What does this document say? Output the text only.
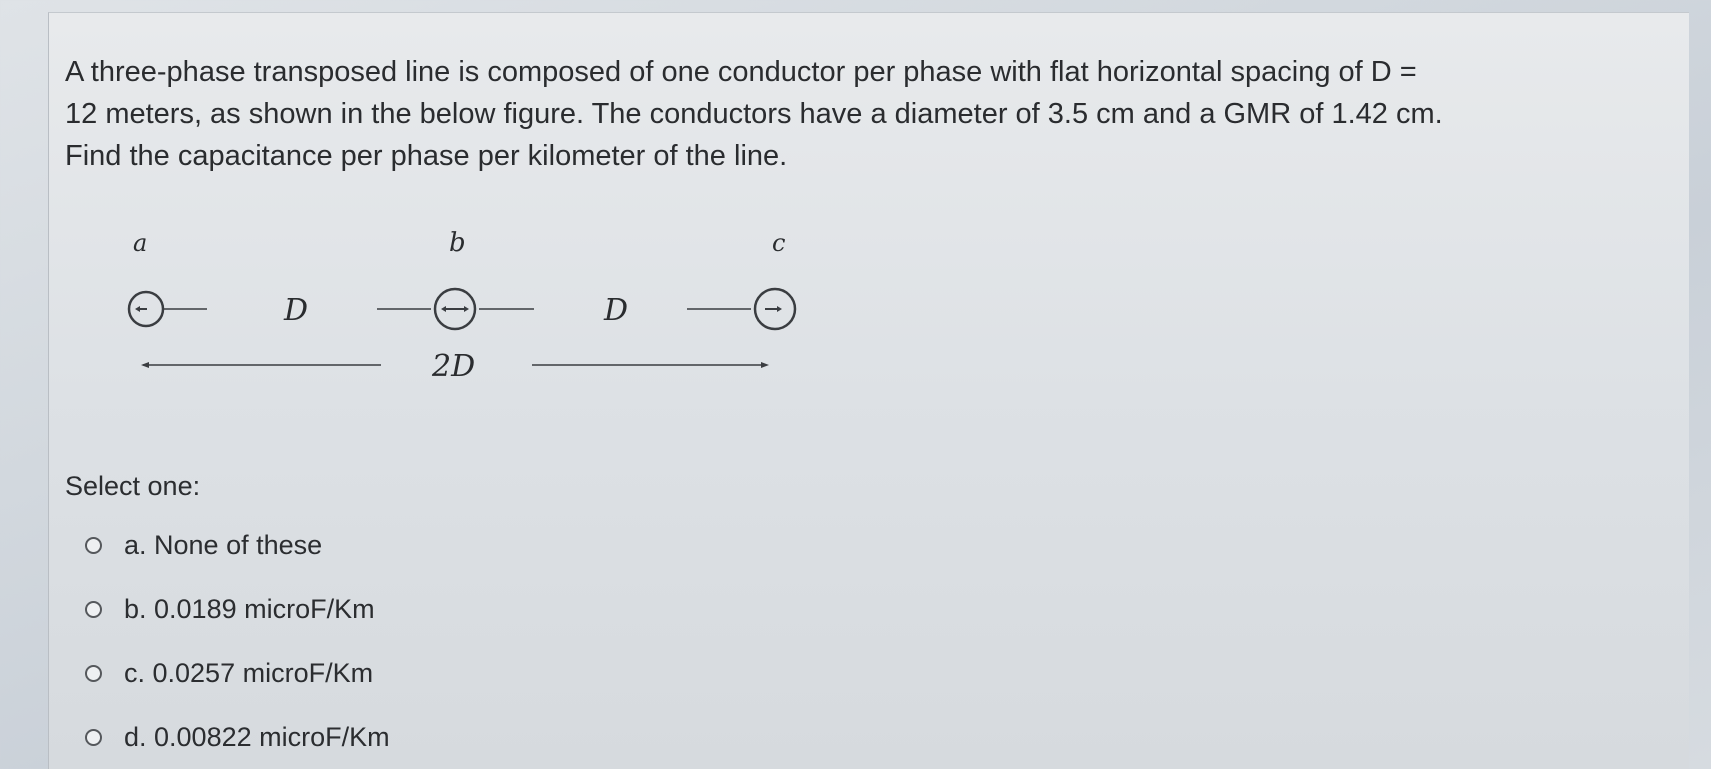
A three-phase transposed line is composed of one conductor per phase with flat horizontal spacing of D =
12 meters, as shown in the below figure. The conductors have a diameter of 3.5 cm and a GMR of 1.42 cm.
Find the capacitance per phase per kilometer of the line.
a	b	c
D	D
2D
Select one:
a. None of these
b. 0.0189 microF/Km
c. 0.0257 microF/Km
d. 0.00822 microF/Km
